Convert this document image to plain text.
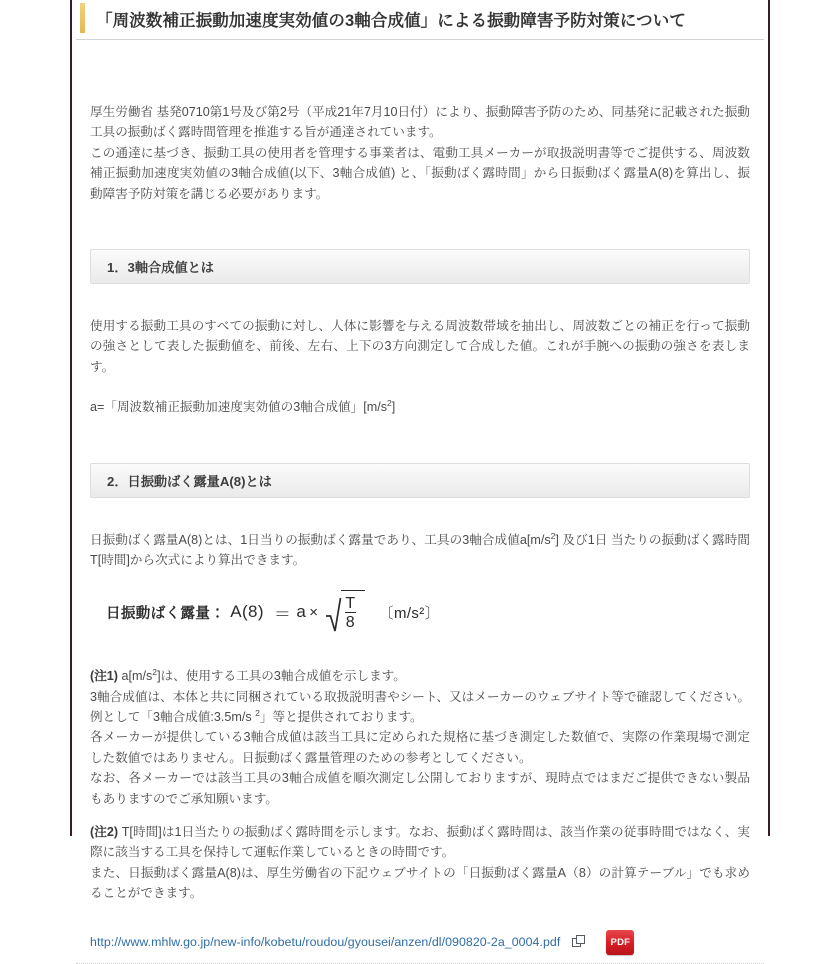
「周波数補正振動加速度実効値の3軸合成値」による振動障害予防対策について

厚生労働省 基発0710第1号及び第2号（平成21年7月10日付）により、振動障害予防のため、同基発に記載された振動工具の振動ばく露時間管理を推進する旨が通達されています。

この通達に基づき、振動工具の使用者を管理する事業者は、電動工具メーカーが取扱説明書等でご提供する、周波数補正振動加速度実効値の3軸合成値(以下、3軸合成値) と、「振動ばく露時間」から日振動ばく露量A(8)を算出し、振動障害予防対策を講じる必要があります。

1．3軸合成値とは

使用する振動工具のすべての振動に対し、人体に影響を与える周波数帯域を抽出し、周波数ごとの補正を行って振動の強さとして表した振動値を、前後、左右、上下の3方向測定して合成した値。これが手腕への振動の強さを表します。

a=「周波数補正振動加速度実効値の3軸合成値」$[m/s^2]$

2．日振動ばく露量A(8)とは

日振動ばく露量A(8)とは、1日当りの振動ばく露量であり、工具の3軸合成値$a[m/s^2]$ 及び1日 当たりの振動ばく露時間T[時間]から次式により算出できます。

日振動ばく露量： $A(8) = a \times \frac{T}{8}$ 〔m/s²〕

(注1) $a[m/s^2]$は、使用する工具の3軸合成値を示します。
3軸合成値は、本体と共に同梱されている取扱説明書やシート、又はメーカーのウェブサイト等で確認してください。例として「3軸合成値:3.5m/s $^2$」等と提供されております。
各メーカーが提供している3軸合成値は該当工具に定められた規格に基づき測定した数値で、実際の作業現場で測定した数値ではありません。日振動ばく露量管理のための参考としてください。
なお、各メーカーでは該当工具の3軸合成値を順次測定し公開しておりますが、現時点ではまだご提供できない製品もありますのでご承知願います。

(注2) T[時間]は1日当たりの振動ばく露時間を示します。なお、振動ばく露時間は、該当作業の従事時間ではなく、実際に該当する工具を保持して運転作業しているときの時間です。
また、日振動ばく露量A(8)は、厚生労働省の下記ウェブサイトの「日振動ばく露量A（8）の計算テーブル」でも求めることができます。

http://www.mhlw.go.jp/new-info/kobetu/roudou/gyousei/anzen/dl/090820-2a_0004.pdf	PDF
